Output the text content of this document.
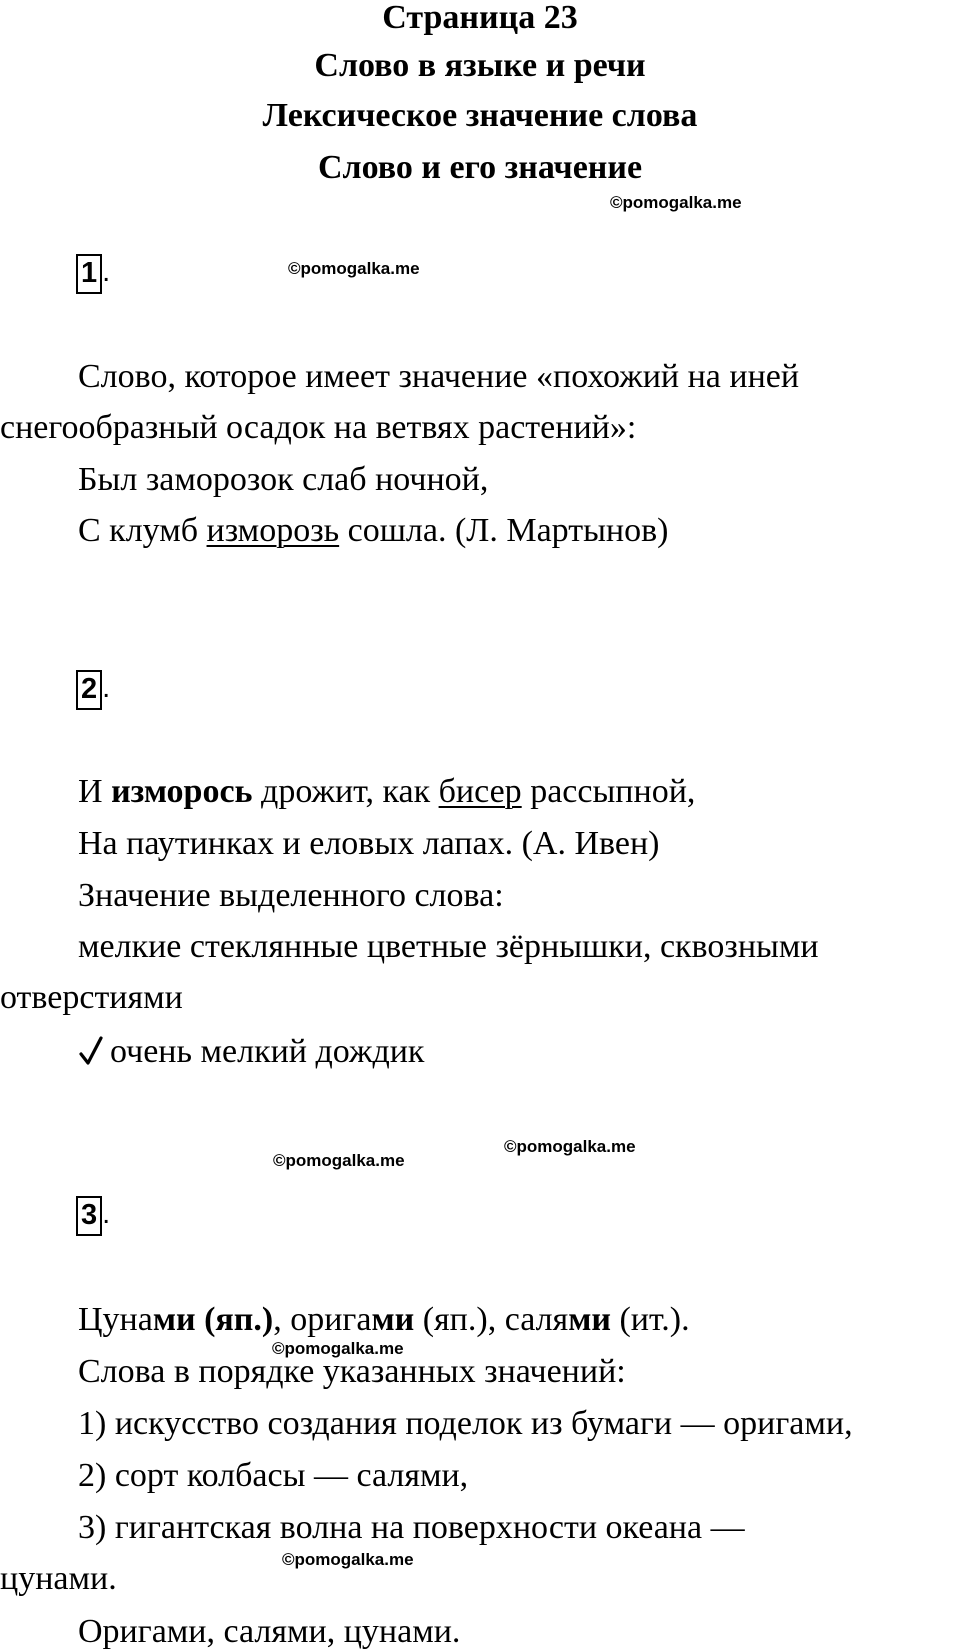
Страница 23
Слово в языке и речи
Лексическое значение слова
Слово и его значение
©pomogalka.me
©pomogalka.me
©pomogalka.me
©pomogalka.me
©pomogalka.me
©pomogalka.me
1 .
Слово, которое имеет значение «похожий на иней
снегообразный осадок на ветвях растений»:
Был заморозок слаб ночной,
С клумб изморозь сошла. (Л. Мартынов)
2 .
И изморось дрожит, как бисер рассыпной,
На паутинках и еловых лапах. (А. Ивен)
Значение выделенного слова:
мелкие стеклянные цветные зёрнышки, сквозными
отверстиями
очень мелкий дождик
3 .
Цунами (яп.), оригами (яп.), салями (ит.).
Слова в порядке указанных значений:
1) искусство создания поделок из бумаги — оригами,
2) сорт колбасы — салями,
3) гигантская волна на поверхности океана —
цунами.
Оригами, салями, цунами.
